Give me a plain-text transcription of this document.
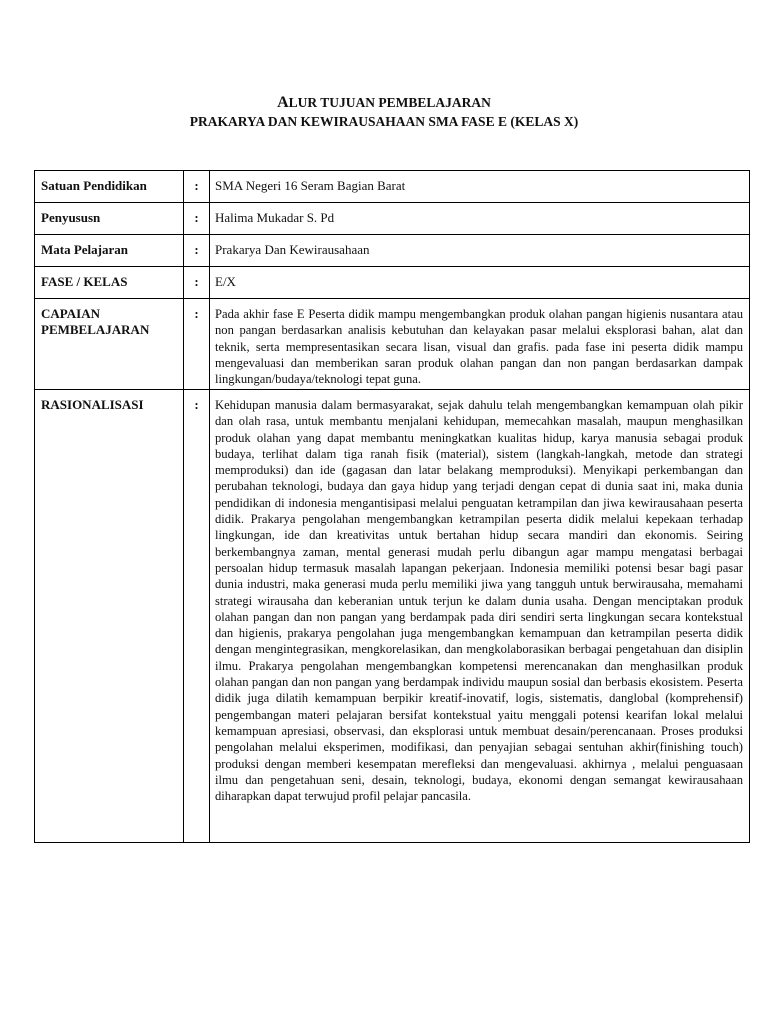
ALUR TUJUAN PEMBELAJARAN
PRAKARYA DAN KEWIRAUSAHAAN SMA FASE E (KELAS X)
Satuan Pendidikan	:	SMA Negeri 16 Seram Bagian Barat
Penyususn	:	Halima Mukadar S. Pd
Mata Pelajaran	:	Prakarya Dan Kewirausahaan
FASE / KELAS	:	E/X
CAPAIAN PEMBELAJARAN	:	Pada akhir fase E Peserta didik mampu mengembangkan produk olahan pangan higienis nusantara atau non pangan berdasarkan analisis kebutuhan dan kelayakan pasar melalui eksplorasi bahan, alat dan teknik, serta mempresentasikan secara lisan, visual dan grafis. pada fase ini peserta didik mampu mengevaluasi dan memberikan saran produk olahan pangan dan non pangan berdasarkan dampak lingkungan/budaya/teknologi tepat guna.

RASIONALISASI	:	Kehidupan manusia dalam bermasyarakat, sejak dahulu telah mengembangkan kemampuan olah pikir dan olah rasa, untuk membantu menjalani kehidupan, memecahkan masalah, maupun menghasilkan produk olahan yang dapat membantu meningkatkan kualitas hidup, karya manusia sebagai produk budaya, terlihat dalam tiga ranah fisik (material), sistem (langkah-langkah, metode dan strategi memproduksi) dan ide (gagasan dan latar belakang memproduksi). Menyikapi perkembangan dan perubahan teknologi, budaya dan gaya hidup yang terjadi dengan cepat di dunia saat ini, maka dunia pendidikan di indonesia mengantisipasi melalui penguatan ketrampilan dan jiwa kewirausahaan peserta didik. Prakarya pengolahan mengembangkan ketrampilan peserta didik melalui kepekaan terhadap lingkungan, ide dan kreativitas untuk bertahan hidup secara mandiri dan ekonomis. Seiring berkembangnya zaman, mental generasi mudah perlu dibangun agar mampu mengatasi berbagai persoalan hidup termasuk masalah lapangan pekerjaan. Indonesia memiliki potensi besar bagi pasar dunia industri, maka generasi muda perlu memiliki jiwa yang tangguh untuk berwirausaha, memahami strategi wirausaha dan keberanian untuk terjun ke dalam dunia usaha. Dengan menciptakan produk olahan pangan dan non pangan yang berdampak pada diri sendiri serta lingkungan secara kontekstual dan higienis, prakarya pengolahan juga mengembangkan kemampuan dan ketrampilan peserta didik dengan mengintegrasikan, mengkorelasikan, dan mengkolaborasikan berbagai pengetahuan dan disiplin ilmu. Prakarya pengolahan mengembangkan kompetensi merencanakan dan menghasilkan produk olahan pangan dan non pangan yang berdampak individu maupun sosial dan berbasis ekosistem. Peserta didik juga dilatih kemampuan berpikir kreatif-inovatif, logis, sistematis, danglobal (komprehensif) pengembangan materi pelajaran bersifat kontekstual yaitu menggali potensi kearifan lokal melalui kemampuan apresiasi, observasi, dan eksplorasi untuk membuat desain/perencanaan. Proses produksi pengolahan melalui eksperimen, modifikasi, dan penyajian sebagai sentuhan akhir(finishing touch) produksi dengan memberi kesempatan merefleksi dan mengevaluasi. akhirnya , melalui penguasaan ilmu dan pengetahuan seni, desain, teknologi, budaya, ekonomi dengan semangat kewirausahaan diharapkan dapat terwujud profil pelajar pancasila.
